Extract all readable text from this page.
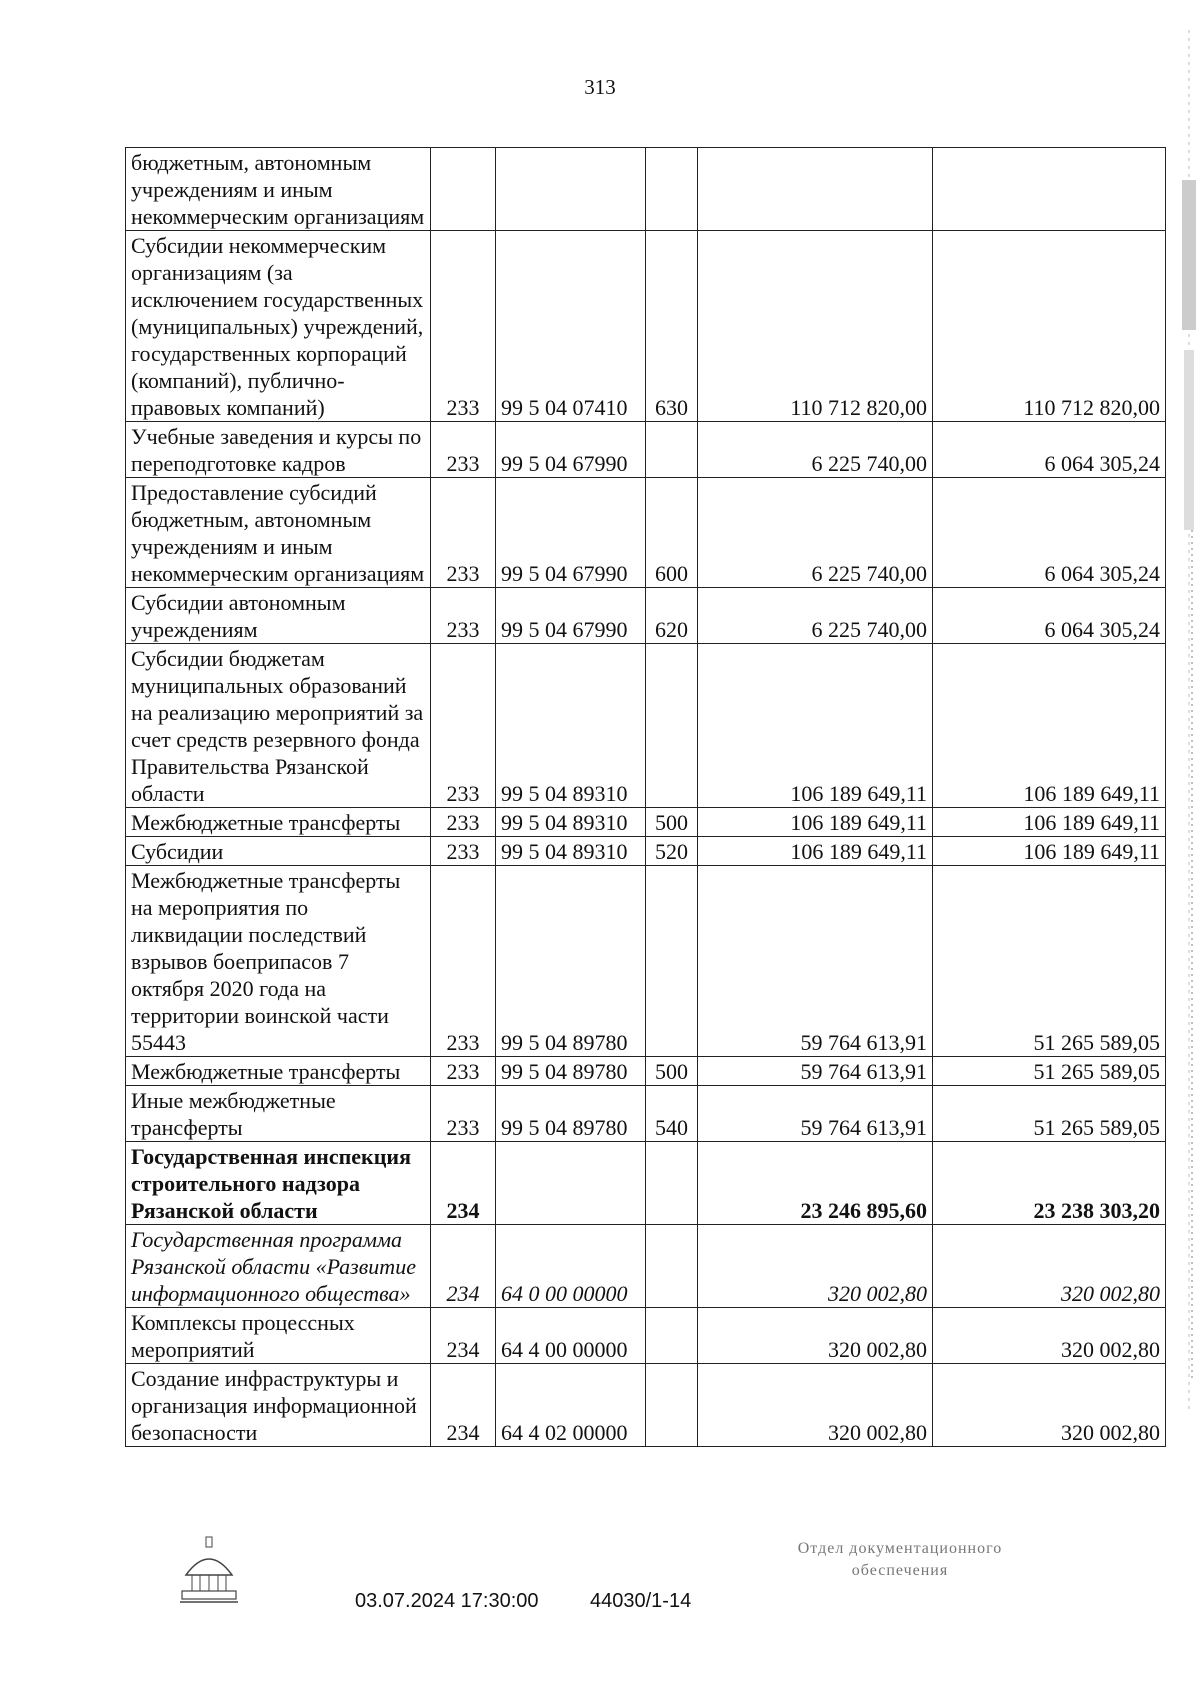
313
бюджетным, автономным учреждениям и иным некоммерческим организациям					
Субсидии некоммерческим организациям (за исключением государственных (муниципальных) учреждений, государственных корпораций (компаний), публично-правовых компаний)	233	99 5 04 07410	630	110 712 820,00	110 712 820,00
Учебные заведения и курсы по переподготовке кадров	233	99 5 04 67990		6 225 740,00	6 064 305,24
Предоставление субсидий бюджетным, автономным учреждениям и иным некоммерческим организациям	233	99 5 04 67990	600	6 225 740,00	6 064 305,24
Субсидии автономным учреждениям	233	99 5 04 67990	620	6 225 740,00	6 064 305,24
Субсидии бюджетам муниципальных образований на реализацию мероприятий за счет средств резервного фонда Правительства Рязанской области	233	99 5 04 89310		106 189 649,11	106 189 649,11
Межбюджетные трансферты	233	99 5 04 89310	500	106 189 649,11	106 189 649,11
Субсидии	233	99 5 04 89310	520	106 189 649,11	106 189 649,11
Межбюджетные трансферты на мероприятия по ликвидации последствий взрывов боеприпасов 7 октября 2020 года на территории воинской части 55443	233	99 5 04 89780		59 764 613,91	51 265 589,05
Межбюджетные трансферты	233	99 5 04 89780	500	59 764 613,91	51 265 589,05
Иные межбюджетные трансферты	233	99 5 04 89780	540	59 764 613,91	51 265 589,05
Государственная инспекция строительного надзора Рязанской области	234			23 246 895,60	23 238 303,20
Государственная программа Рязанской области «Развитие информационного общества»	234	64 0 00 00000		320 002,80	320 002,80
Комплексы процессных мероприятий	234	64 4 00 00000		320 002,80	320 002,80
Создание инфраструктуры и организация информационной безопасности	234	64 4 02 00000		320 002,80	320 002,80
03.07.2024 17:30:00	44030/1-14
Отдел документационного
обеспечения
